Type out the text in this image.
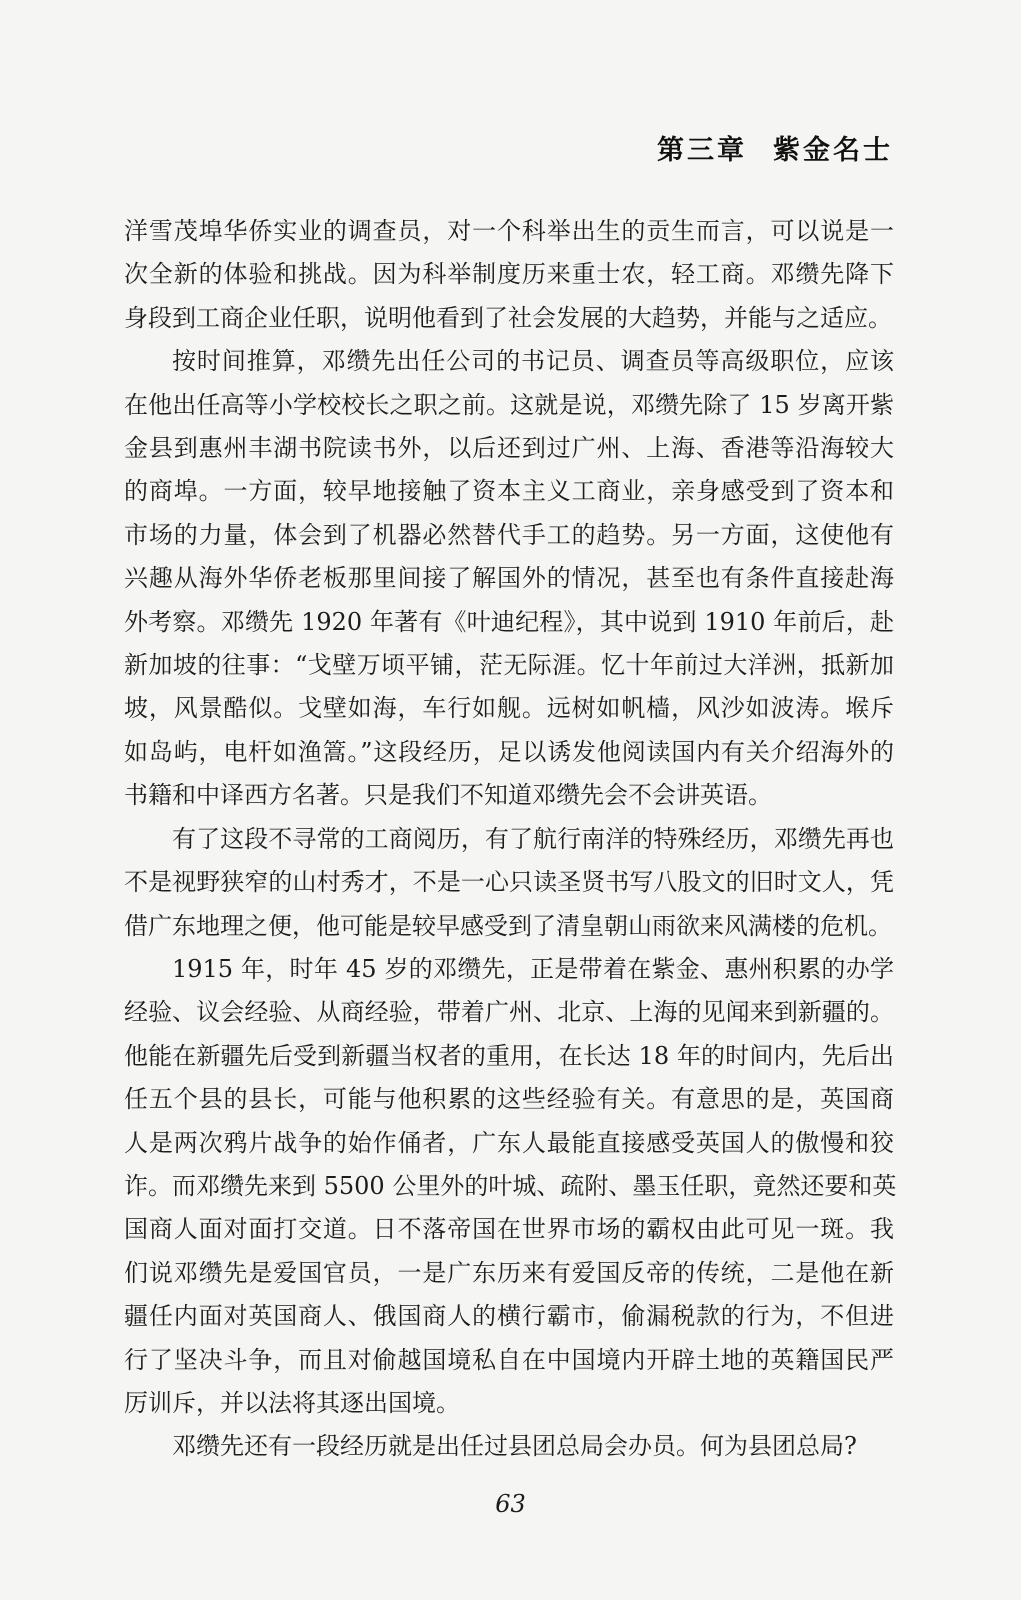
第三章 紫金名士
洋雪茂埠华侨实业的调查员，对一个科举出生的贡生而言，可以说是一
次全新的体验和挑战。因为科举制度历来重士农，轻工商。邓缵先降下
身段到工商企业任职，说明他看到了社会发展的大趋势，并能与之适应。
按时间推算，邓缵先出任公司的书记员、调查员等高级职位，应该
在他出任高等小学校校长之职之前。这就是说，邓缵先除了 15 岁离开紫
金县到惠州丰湖书院读书外，以后还到过广州、上海、香港等沿海较大
的商埠。一方面，较早地接触了资本主义工商业，亲身感受到了资本和
市场的力量，体会到了机器必然替代手工的趋势。另一方面，这使他有
兴趣从海外华侨老板那里间接了解国外的情况，甚至也有条件直接赴海
外考察。邓缵先 1920 年著有《叶迪纪程》，其中说到 1910 年前后，赴
新加坡的往事：“戈壁万顷平铺，茫无际涯。忆十年前过大洋洲，抵新加
坡，风景酷似。戈壁如海，车行如舰。远树如帆樯，风沙如波涛。堠斥
如岛屿，电杆如渔篙。”这段经历，足以诱发他阅读国内有关介绍海外的
书籍和中译西方名著。只是我们不知道邓缵先会不会讲英语。
有了这段不寻常的工商阅历，有了航行南洋的特殊经历，邓缵先再也
不是视野狭窄的山村秀才，不是一心只读圣贤书写八股文的旧时文人，凭
借广东地理之便，他可能是较早感受到了清皇朝山雨欲来风满楼的危机。
1915 年，时年 45 岁的邓缵先，正是带着在紫金、惠州积累的办学
经验、议会经验、从商经验，带着广州、北京、上海的见闻来到新疆的。
他能在新疆先后受到新疆当权者的重用，在长达 18 年的时间内，先后出
任五个县的县长，可能与他积累的这些经验有关。有意思的是，英国商
人是两次鸦片战争的始作俑者，广东人最能直接感受英国人的傲慢和狡
诈。而邓缵先来到 5500 公里外的叶城、疏附、墨玉任职，竟然还要和英
国商人面对面打交道。日不落帝国在世界市场的霸权由此可见一斑。我
们说邓缵先是爱国官员，一是广东历来有爱国反帝的传统，二是他在新
疆任内面对英国商人、俄国商人的横行霸市，偷漏税款的行为，不但进
行了坚决斗争，而且对偷越国境私自在中国境内开辟土地的英籍国民严
厉训斥，并以法将其逐出国境。
邓缵先还有一段经历就是出任过县团总局会办员。何为县团总局?
63
